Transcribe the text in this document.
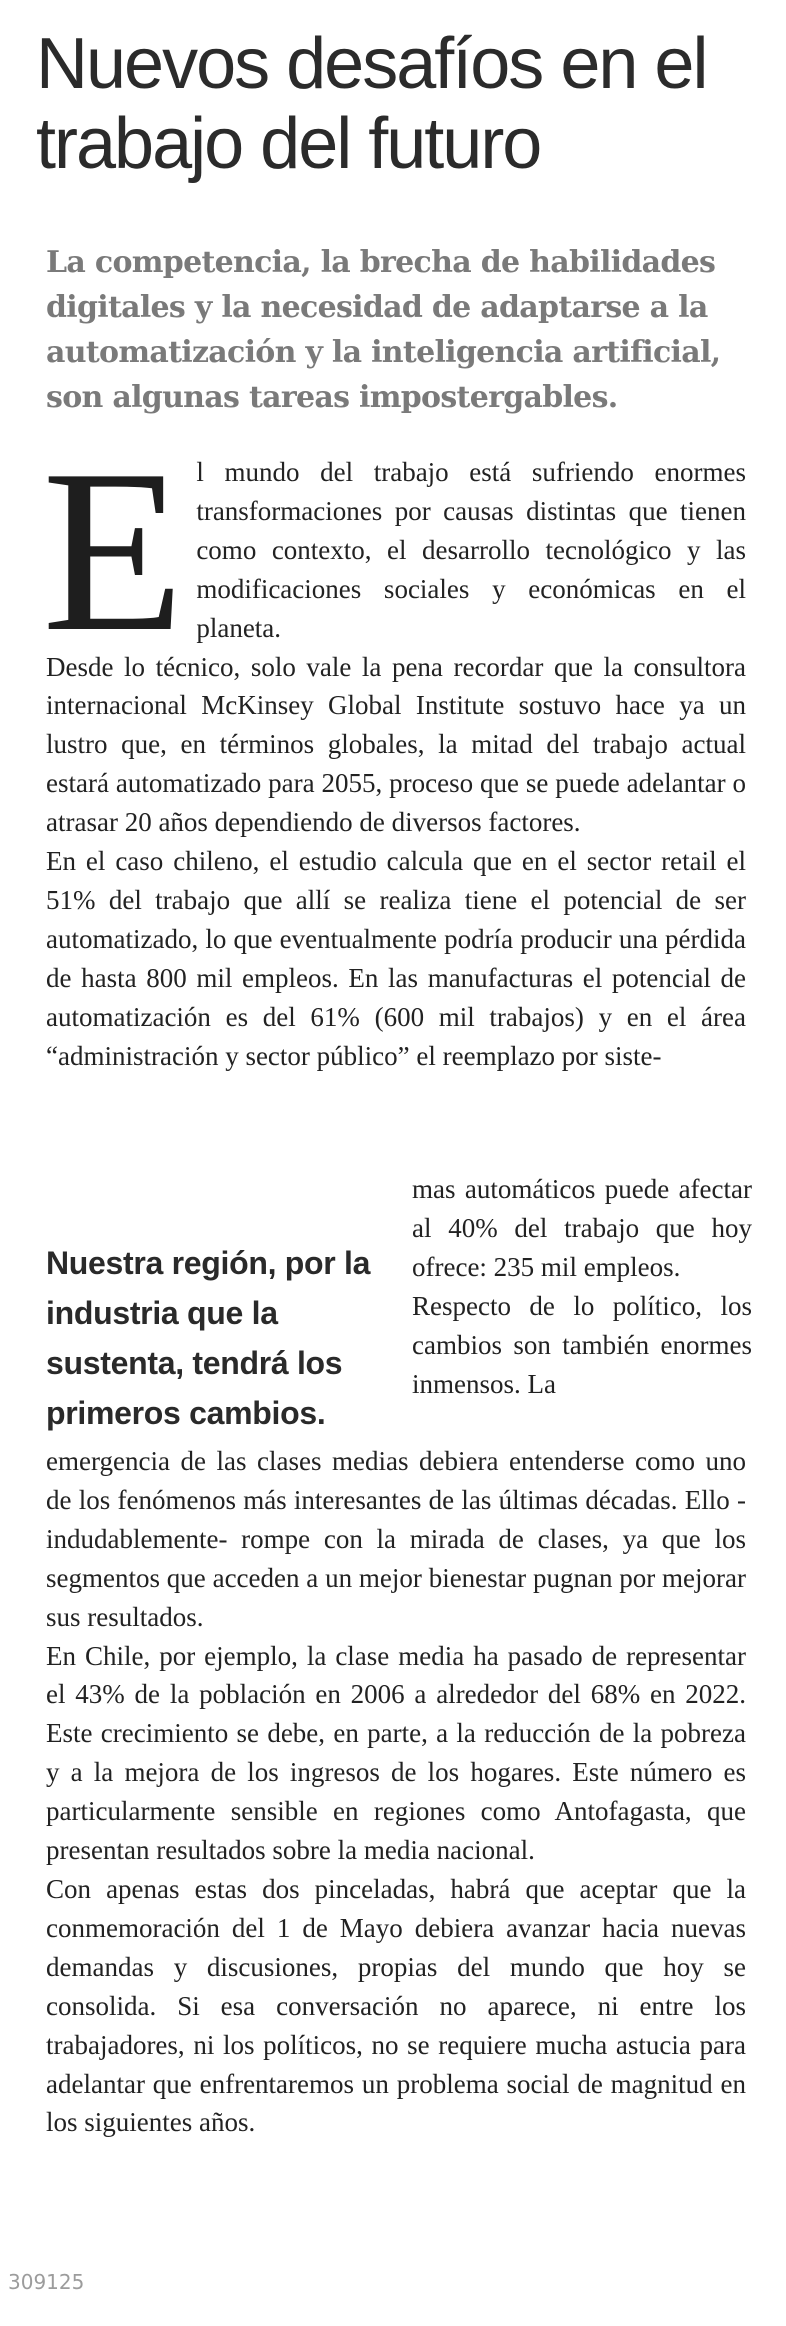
Nuevos desafíos en el trabajo del futuro

La competencia, la brecha de habilidades digitales y la necesidad de adaptarse a la automatización y la inteligencia artificial, son algunas tareas impostergables.

El mundo del trabajo está sufriendo enormes transformaciones por causas distintas que tienen como contexto, el desarrollo tecnológico y las modificaciones sociales y económicas en el planeta.

Desde lo técnico, solo vale la pena recordar que la consultora internacional McKinsey Global Institute sostuvo hace ya un lustro que, en términos globales, la mitad del trabajo actual estará automatizado para 2055, proceso que se puede adelantar o atrasar 20 años dependiendo de diversos factores.

En el caso chileno, el estudio calcula que en el sector retail el 51% del trabajo que allí se realiza tiene el potencial de ser automatizado, lo que eventualmente podría producir una pérdida de hasta 800 mil empleos. En las manufacturas el potencial de automatización es del 61% (600 mil trabajos) y en el área “administración y sector público” el reemplazo por siste-

Nuestra región, por la industria que la sustenta, tendrá los primeros cambios.

mas automáticos puede afectar al 40% del trabajo que hoy ofrece: 235 mil empleos.

Respecto de lo político, los cambios son también enormes inmensos. La

emergencia de las clases medias debiera entenderse como uno de los fenómenos más interesantes de las últimas décadas. Ello -indudablemente- rompe con la mirada de clases, ya que los segmentos que acceden a un mejor bienestar pugnan por mejorar sus resultados.

En Chile, por ejemplo, la clase media ha pasado de representar el 43% de la población en 2006 a alrededor del 68% en 2022. Este crecimiento se debe, en parte, a la reducción de la pobreza y a la mejora de los ingresos de los hogares. Este número es particularmente sensible en regiones como Antofagasta, que presentan resultados sobre la media nacional.

Con apenas estas dos pinceladas, habrá que aceptar que la conmemoración del 1 de Mayo debiera avanzar hacia nuevas demandas y discusiones, propias del mundo que hoy se consolida. Si esa conversación no aparece, ni entre los trabajadores, ni los políticos, no se requiere mucha astucia para adelantar que enfrentaremos un problema social de magnitud en los siguientes años.

309125
